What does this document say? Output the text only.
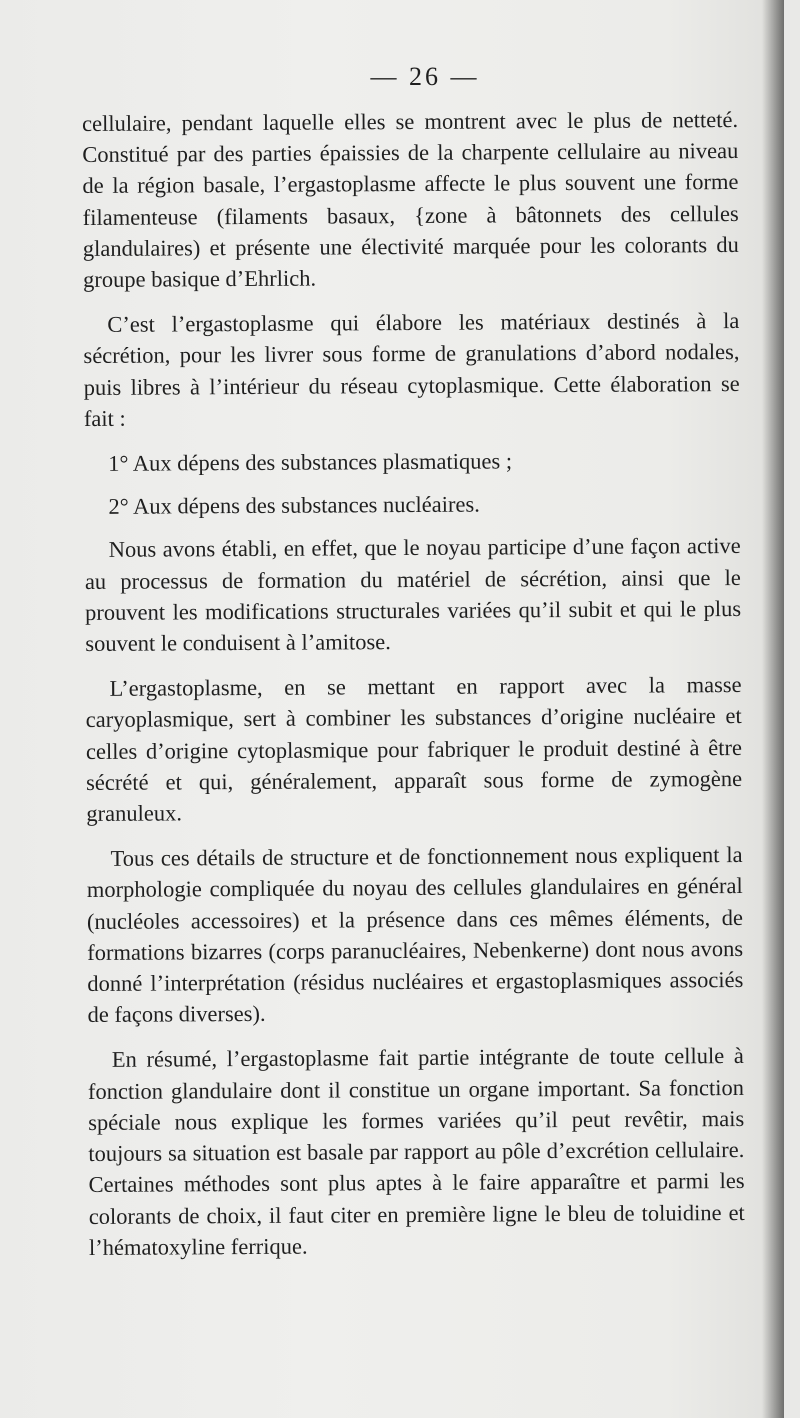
— 26 —

cellulaire, pendant laquelle elles se montrent avec le plus de netteté. Constitué par des parties épaissies de la charpente cellulaire au niveau de la région basale, l’ergastoplasme affecte le plus souvent une forme filamenteuse (filaments basaux, {zone à bâtonnets des cellules glandulaires) et présente une électivité marquée pour les colorants du groupe basique d’Ehrlich.

C’est l’ergastoplasme qui élabore les matériaux destinés à la sécrétion, pour les livrer sous forme de granulations d’abord nodales, puis libres à l’intérieur du réseau cytoplasmique. Cette élaboration se fait :

1° Aux dépens des substances plasmatiques ;

2° Aux dépens des substances nucléaires.

Nous avons établi, en effet, que le noyau participe d’une façon active au processus de formation du matériel de sécrétion, ainsi que le prouvent les modifications structurales variées qu’il subit et qui le plus souvent le conduisent à l’amitose.

L’ergastoplasme, en se mettant en rapport avec la masse caryoplasmique, sert à combiner les substances d’origine nucléaire et celles d’origine cytoplasmique pour fabriquer le produit destiné à être sécrété et qui, généralement, apparaît sous forme de zymogène granuleux.

Tous ces détails de structure et de fonctionnement nous expliquent la morphologie compliquée du noyau des cellules glandulaires en général (nucléoles accessoires) et la présence dans ces mêmes éléments, de formations bizarres (corps paranucléaires, Nebenkerne) dont nous avons donné l’interprétation (résidus nucléaires et ergastoplasmiques associés de façons diverses).

En résumé, l’ergastoplasme fait partie intégrante de toute cellule à fonction glandulaire dont il constitue un organe important. Sa fonction spéciale nous explique les formes variées qu’il peut revêtir, mais toujours sa situation est basale par rapport au pôle d’excrétion cellulaire. Certaines méthodes sont plus aptes à le faire apparaître et parmi les colorants de choix, il faut citer en première ligne le bleu de toluidine et l’hématoxyline ferrique.
